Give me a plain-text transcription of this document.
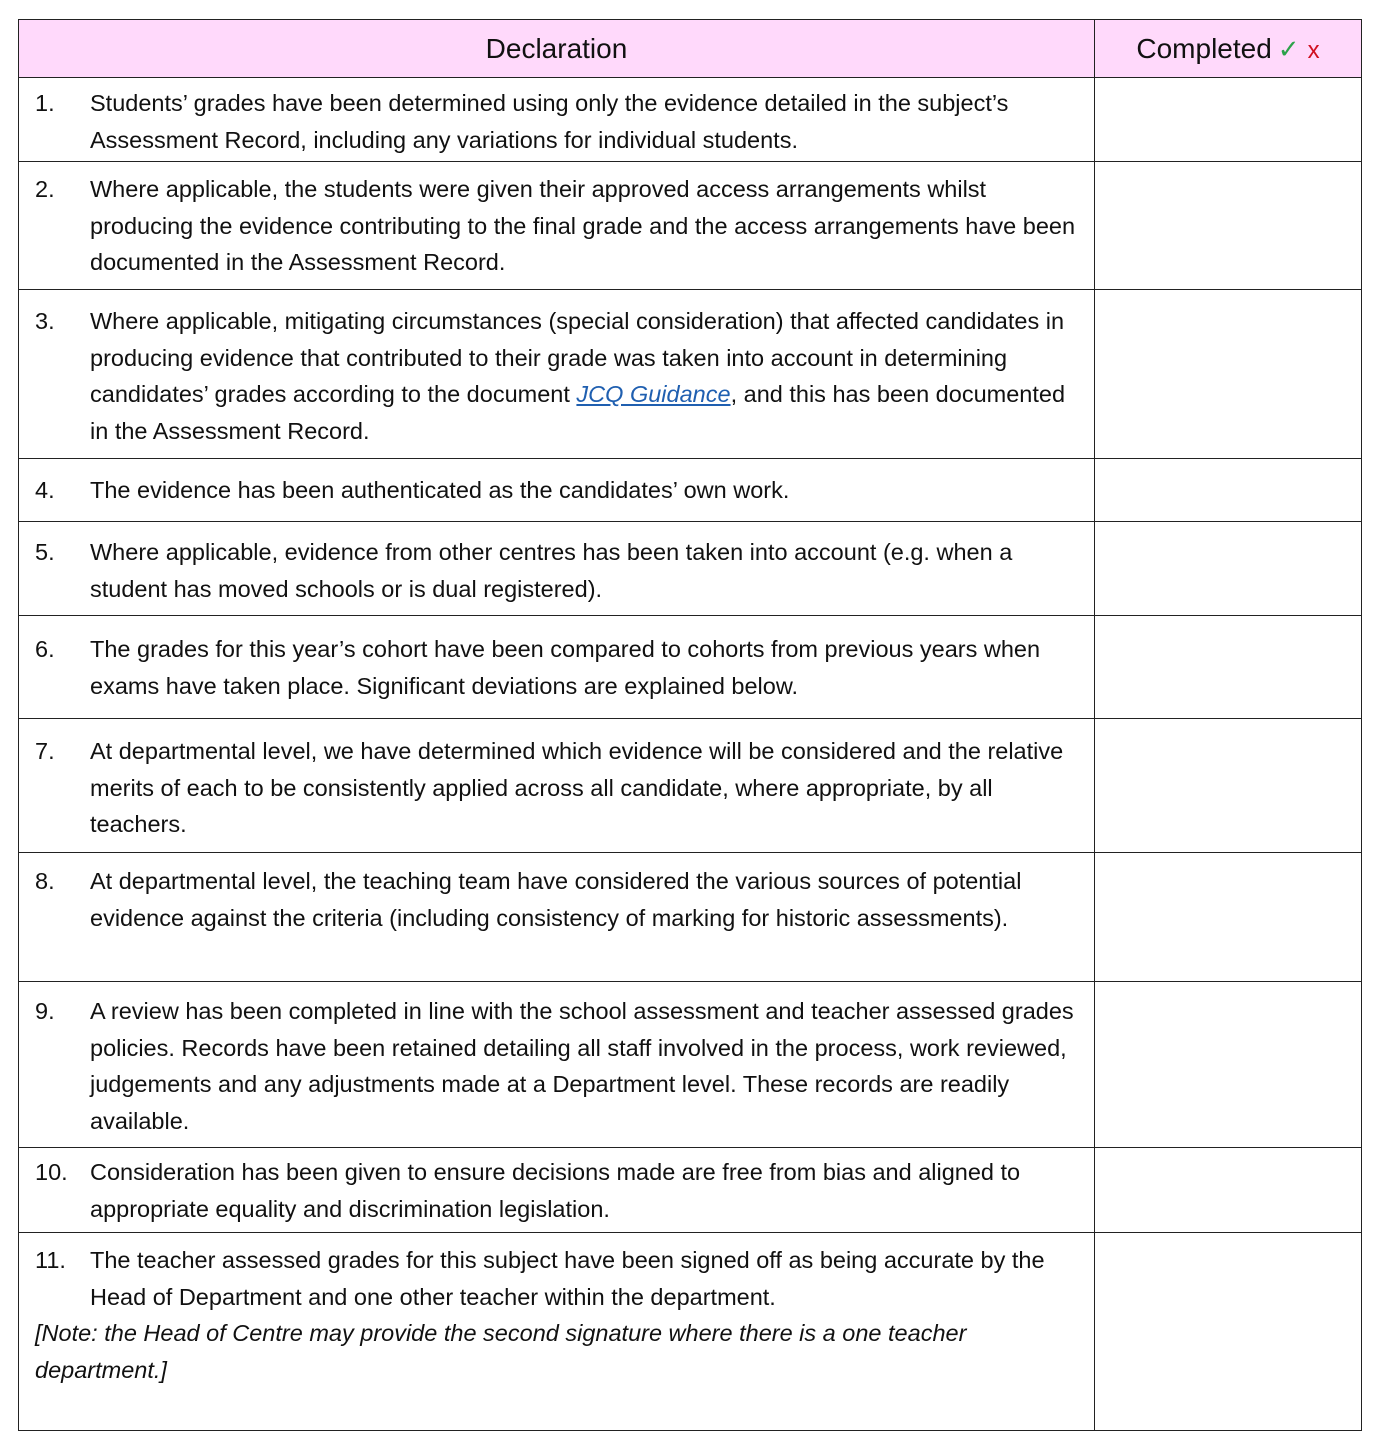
Declaration	Completed ✓ x

1. Students’ grades have been determined using only the evidence detailed in the subject’s Assessment Record, including any variations for individual students.	

2. Where applicable, the students were given their approved access arrangements whilst producing the evidence contributing to the final grade and the access arrangements have been documented in the Assessment Record.	

3. Where applicable, mitigating circumstances (special consideration) that affected candidates in producing evidence that contributed to their grade was taken into account in determining candidates’ grades according to the document JCQ Guidance, and this has been documented in the Assessment Record.	

4. The evidence has been authenticated as the candidates’ own work.	

5. Where applicable, evidence from other centres has been taken into account (e.g. when a student has moved schools or is dual registered).	

6. The grades for this year’s cohort have been compared to cohorts from previous years when exams have taken place. Significant deviations are explained below.	

7. At departmental level, we have determined which evidence will be considered and the relative merits of each to be consistently applied across all candidate, where appropriate, by all teachers.	

8. At departmental level, the teaching team have considered the various sources of potential evidence against the criteria (including consistency of marking for historic assessments).	

9. A review has been completed in line with the school assessment and teacher assessed grades policies. Records have been retained detailing all staff involved in the process, work reviewed, judgements and any adjustments made at a Department level. These records are readily available.	

10. Consideration has been given to ensure decisions made are free from bias and aligned to appropriate equality and discrimination legislation.	

11. The teacher assessed grades for this subject have been signed off as being accurate by the Head of Department and one other teacher within the department.
[Note: the Head of Centre may provide the second signature where there is a one teacher department.]	
